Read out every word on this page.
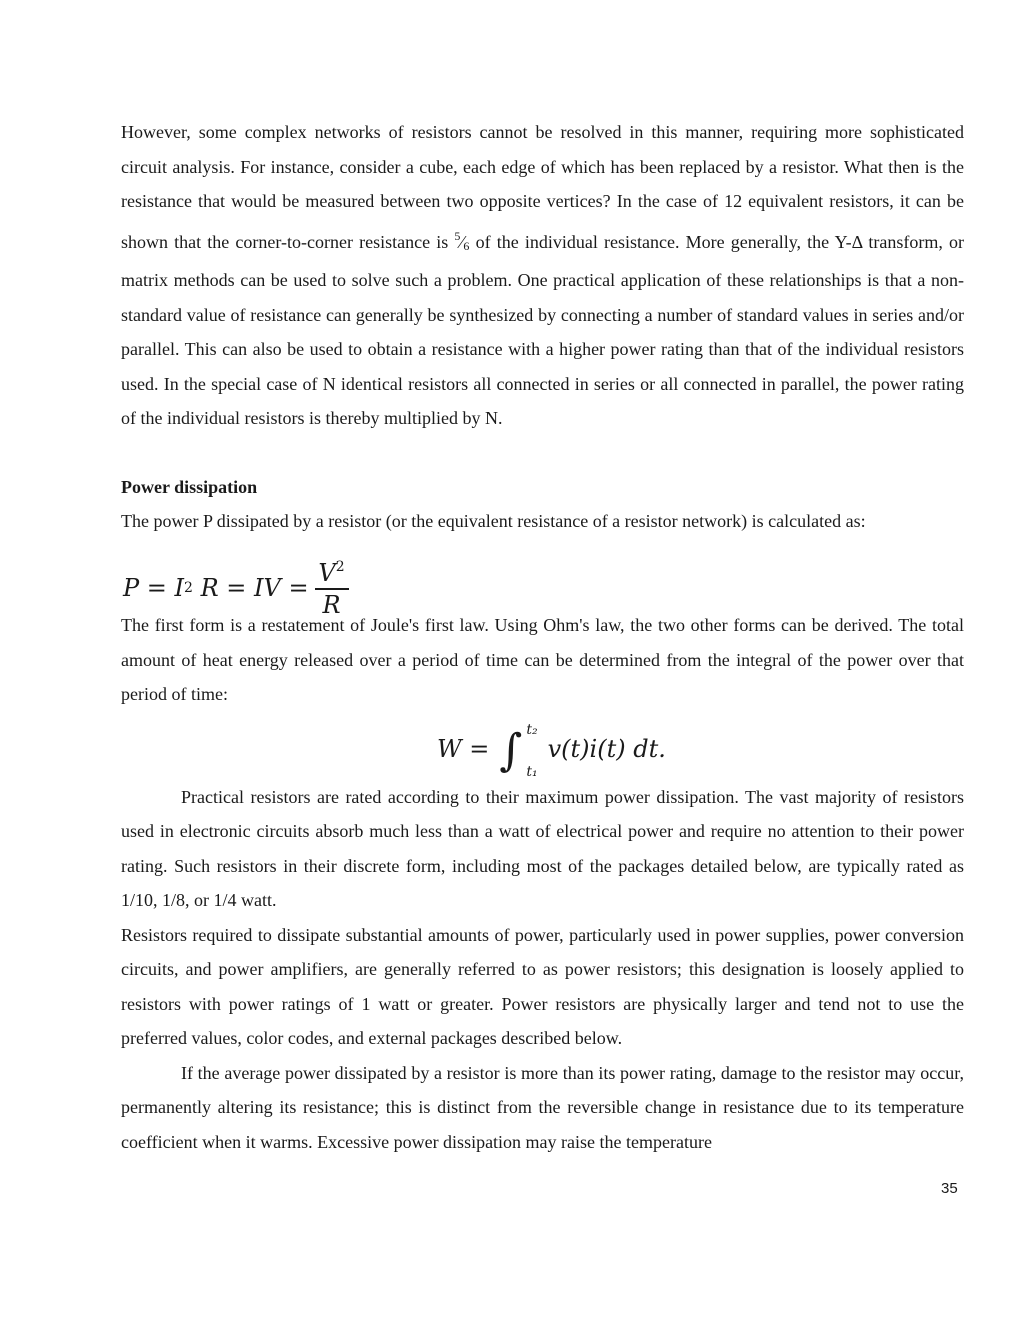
However, some complex networks of resistors cannot be resolved in this manner, requiring more sophisticated circuit analysis. For instance, consider a cube, each edge of which has been replaced by a resistor. What then is the resistance that would be measured between two opposite vertices? In the case of 12 equivalent resistors, it can be shown that the corner-to-corner resistance is $^5⁄_6$ of the individual resistance. More generally, the Y-Δ transform, or matrix methods can be used to solve such a problem. One practical application of these relationships is that a non-standard value of resistance can generally be synthesized by connecting a number of standard values in series and/or parallel. This can also be used to obtain a resistance with a higher power rating than that of the individual resistors used. In the special case of N identical resistors all connected in series or all connected in parallel, the power rating of the individual resistors is thereby multiplied by N.

Power dissipation

The power P dissipated by a resistor (or the equivalent resistance of a resistor network) is calculated as:

P = I 2
R = IV = $\frac{V^2}{R}$

The first form is a restatement of Joule's first law. Using Ohm's law, the two other forms can be derived. The total amount of heat energy released over a period of time can be determined from the integral of the power over that period of time:

W = ∫ t₂
t₁
v(t)i(t) dt.

Practical resistors are rated according to their maximum power dissipation. The vast majority of resistors used in electronic circuits absorb much less than a watt of electrical power and require no attention to their power rating. Such resistors in their discrete form, including most of the packages detailed below, are typically rated as 1/10, 1/8, or 1/4 watt.

Resistors required to dissipate substantial amounts of power, particularly used in power supplies, power conversion circuits, and power amplifiers, are generally referred to as power resistors; this designation is loosely applied to resistors with power ratings of 1 watt or greater. Power resistors are physically larger and tend not to use the preferred values, color codes, and external packages described below.

If the average power dissipated by a resistor is more than its power rating, damage to the resistor may occur, permanently altering its resistance; this is distinct from the reversible change in resistance due to its temperature coefficient when it warms. Excessive power dissipation may raise the temperature

35
